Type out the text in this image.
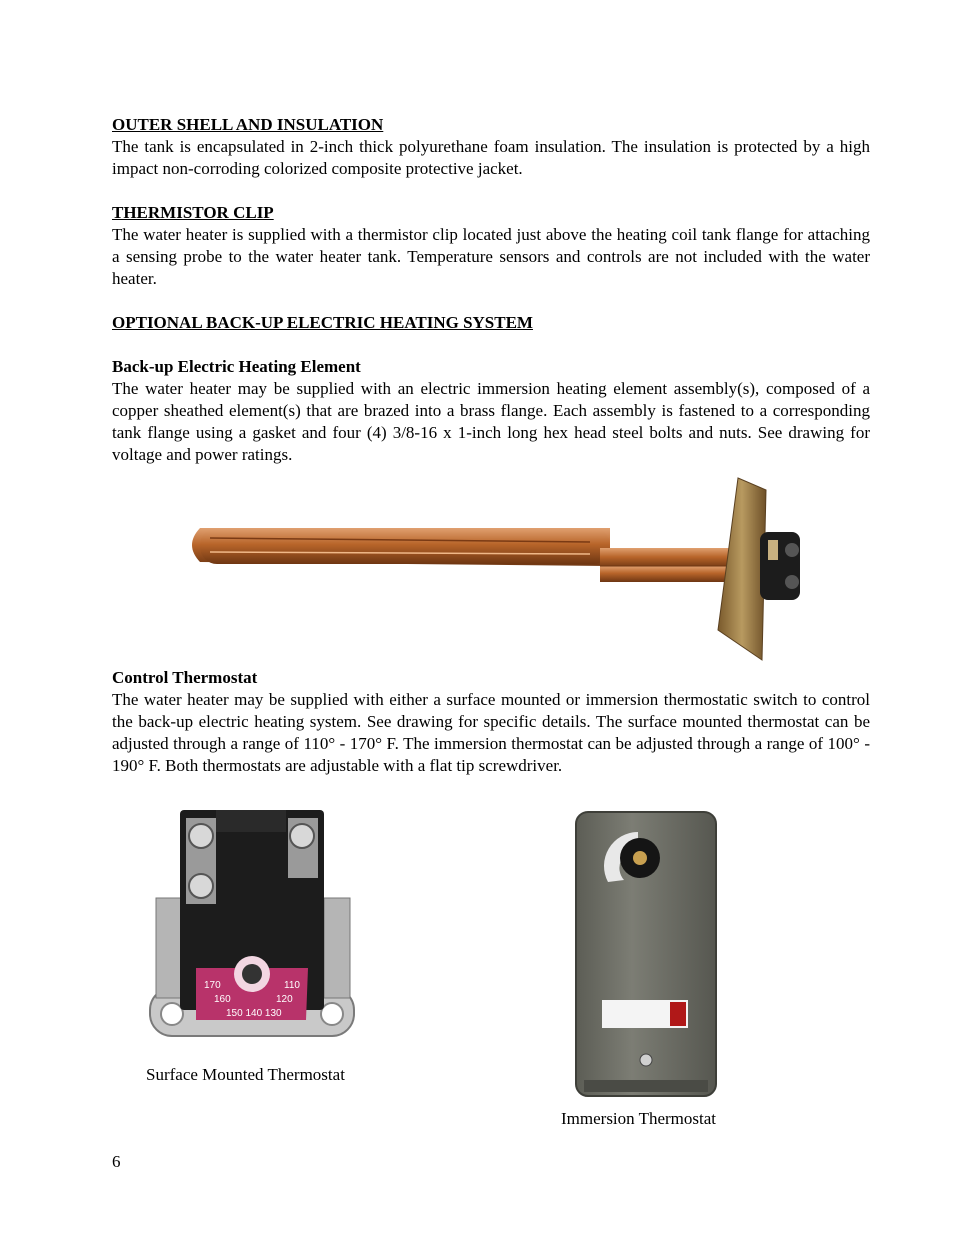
OUTER SHELL AND INSULATION
The tank is encapsulated in 2-inch thick polyurethane foam insulation. The insulation is protected by a high impact non-corroding colorized composite protective jacket.
THERMISTOR CLIP
The water heater is supplied with a thermistor clip located just above the heating coil tank flange for attaching a sensing probe to the water heater tank. Temperature sensors and controls are not included with the water heater.
OPTIONAL BACK-UP ELECTRIC HEATING SYSTEM
Back-up Electric Heating Element
The water heater may be supplied with an electric immersion heating element assembly(s), composed of a copper sheathed element(s) that are brazed into a brass flange. Each assembly is fastened to a corresponding tank flange using a gasket and four (4) 3/8-16 x 1-inch long hex head steel bolts and nuts. See drawing for voltage and power ratings.
Control Thermostat
The water heater may be supplied with either a surface mounted or immersion thermostatic switch to control the back-up electric heating system. See drawing for specific details. The surface mounted thermostat can be adjusted through a range of 110° - 170° F. The immersion thermostat can be adjusted through a range of 100° - 190° F. Both thermostats are adjustable with a flat tip screwdriver.
170	110
160	120
150 140 130
Surface Mounted Thermostat
Immersion Thermostat
6
